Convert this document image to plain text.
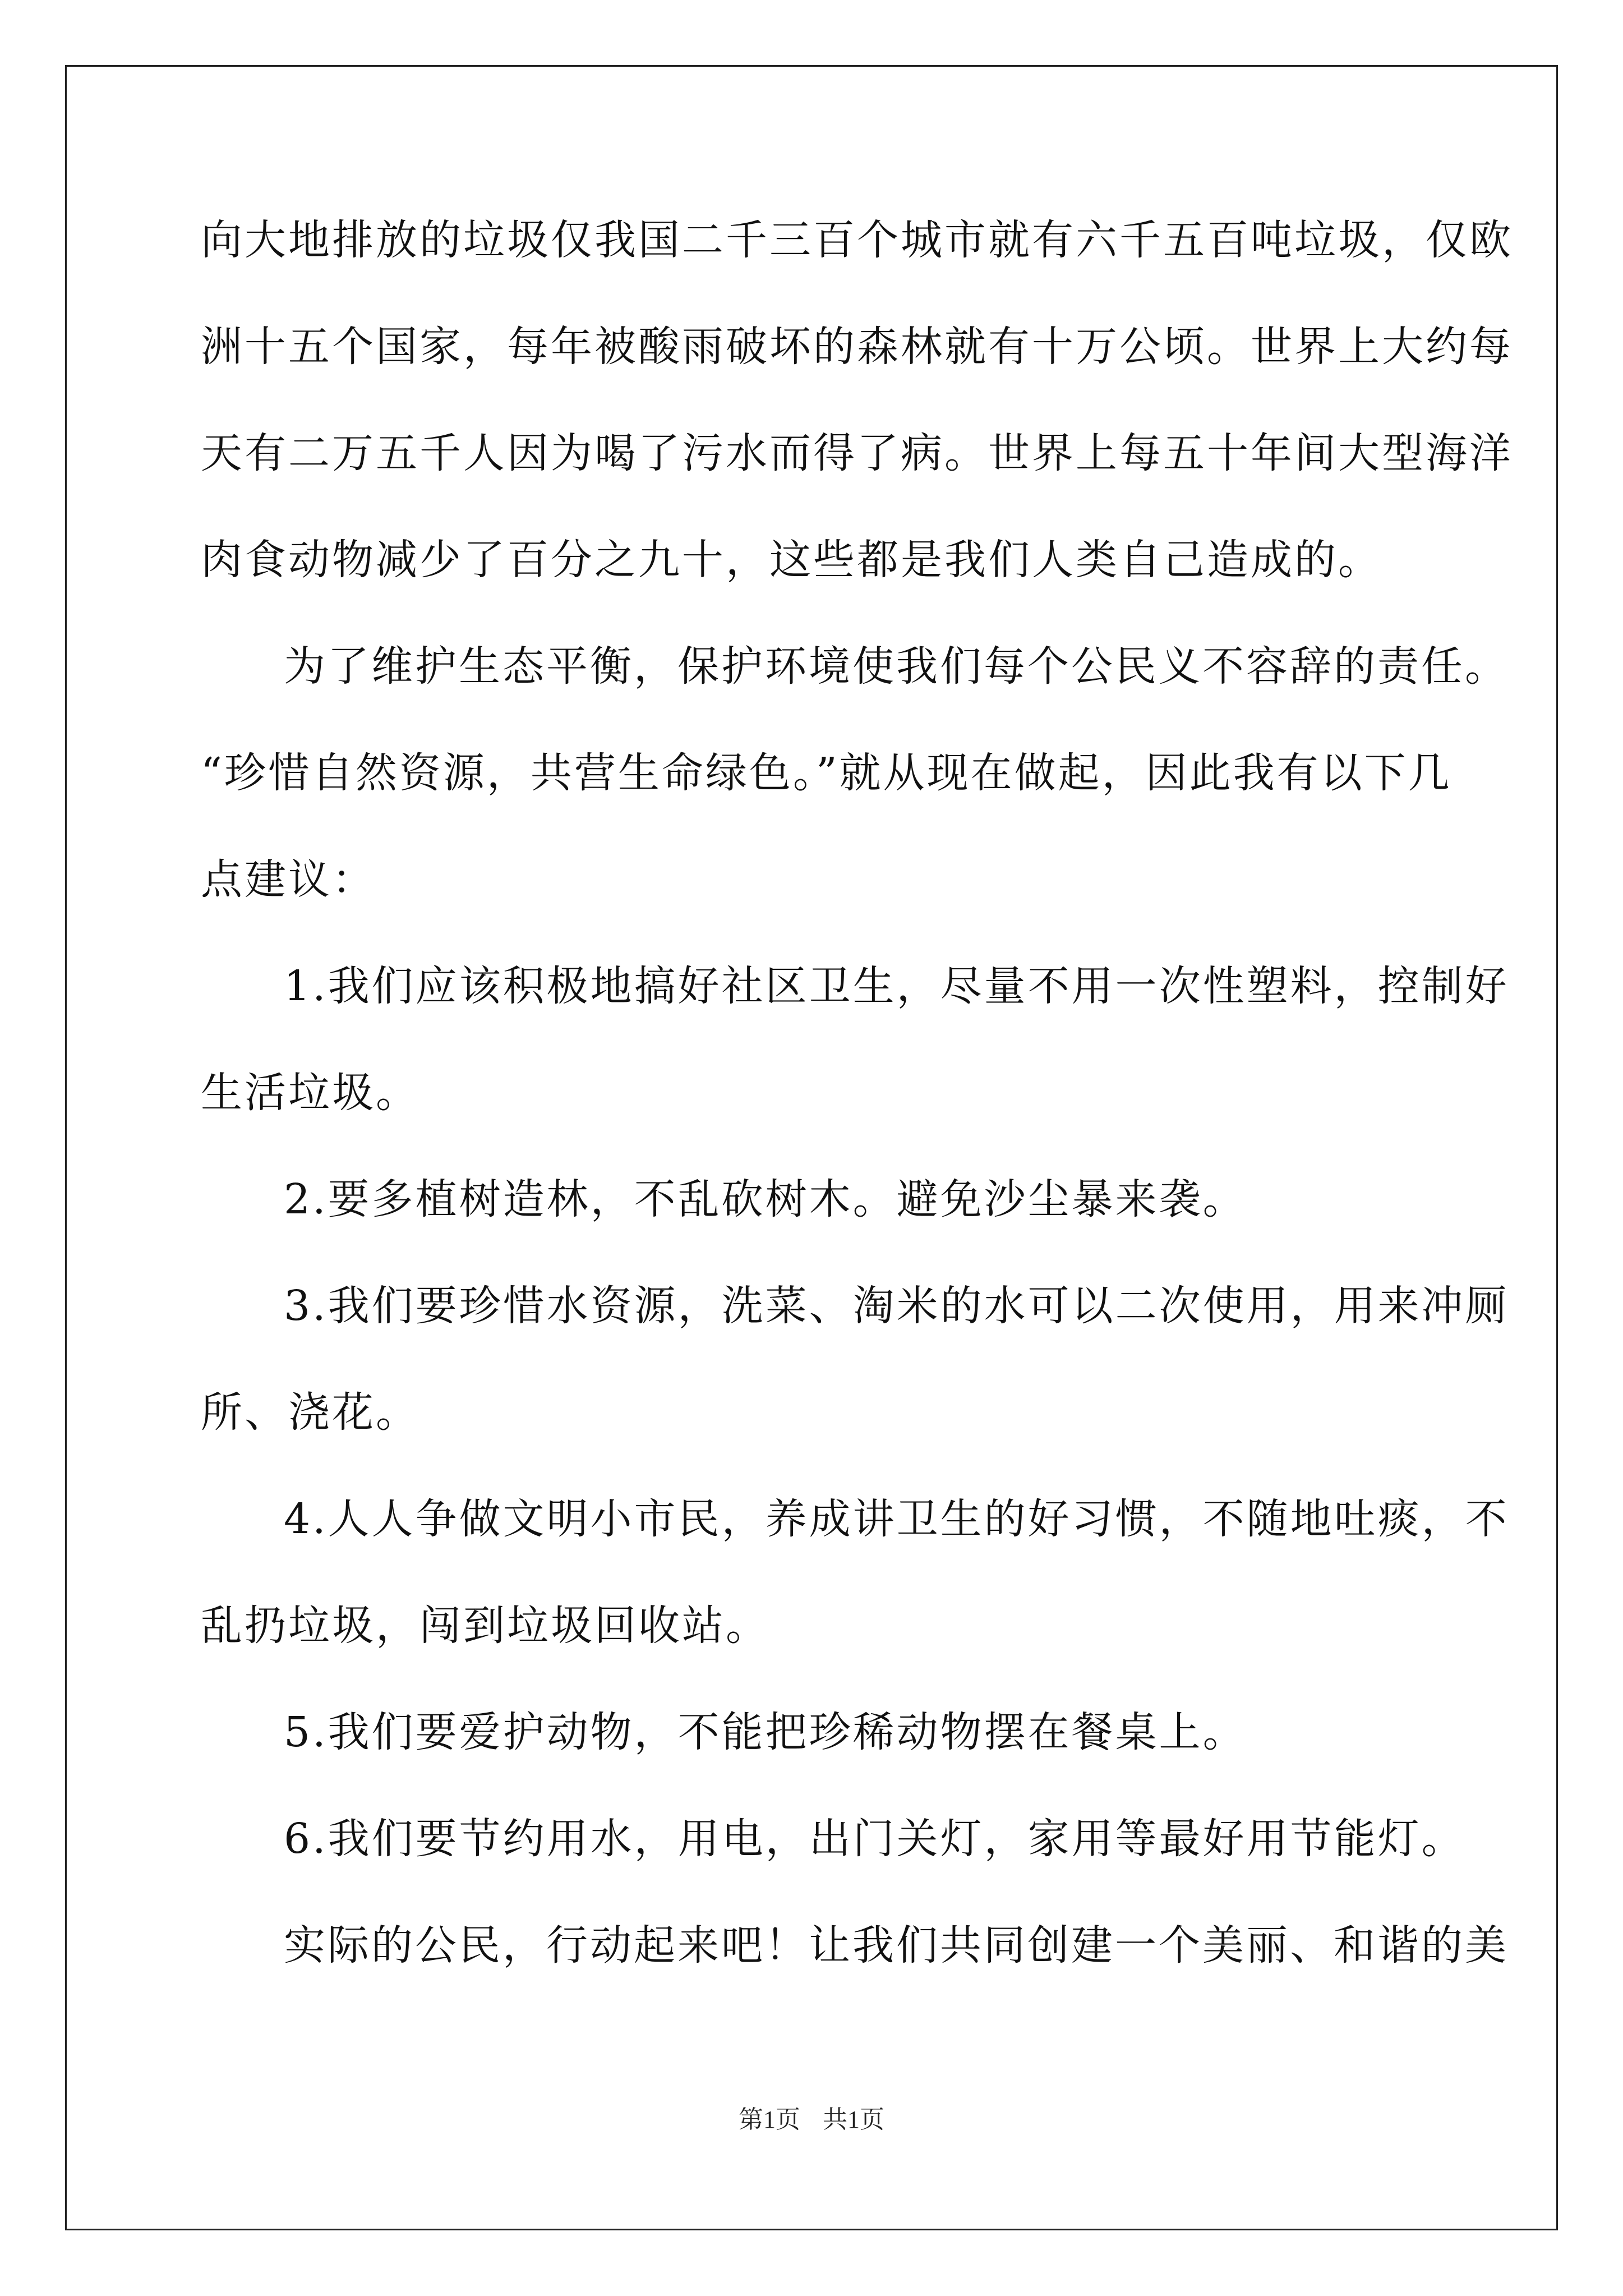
向大地排放的垃圾仅我国二千三百个城市就有六千五百吨垃圾，仅欧
洲十五个国家，每年被酸雨破坏的森林就有十万公顷。世界上大约每
天有二万五千人因为喝了污水而得了病。世界上每五十年间大型海洋
肉食动物减少了百分之九十，这些都是我们人类自己造成的。
为了维护生态平衡，保护环境使我们每个公民义不容辞的责任。
“珍惜自然资源，共营生命绿色。”就从现在做起，因此我有以下几
点建议：
1.我们应该积极地搞好社区卫生，尽量不用一次性塑料，控制好
生活垃圾。
2.要多植树造林，不乱砍树木。避免沙尘暴来袭。
3.我们要珍惜水资源，洗菜、淘米的水可以二次使用，用来冲厕
所、浇花。
4.人人争做文明小市民，养成讲卫生的好习惯，不随地吐痰，不
乱扔垃圾，闯到垃圾回收站。
5.我们要爱护动物，不能把珍稀动物摆在餐桌上。
6.我们要节约用水，用电，出门关灯，家用等最好用节能灯。
实际的公民，行动起来吧！让我们共同创建一个美丽、和谐的美
第1页 共1页
